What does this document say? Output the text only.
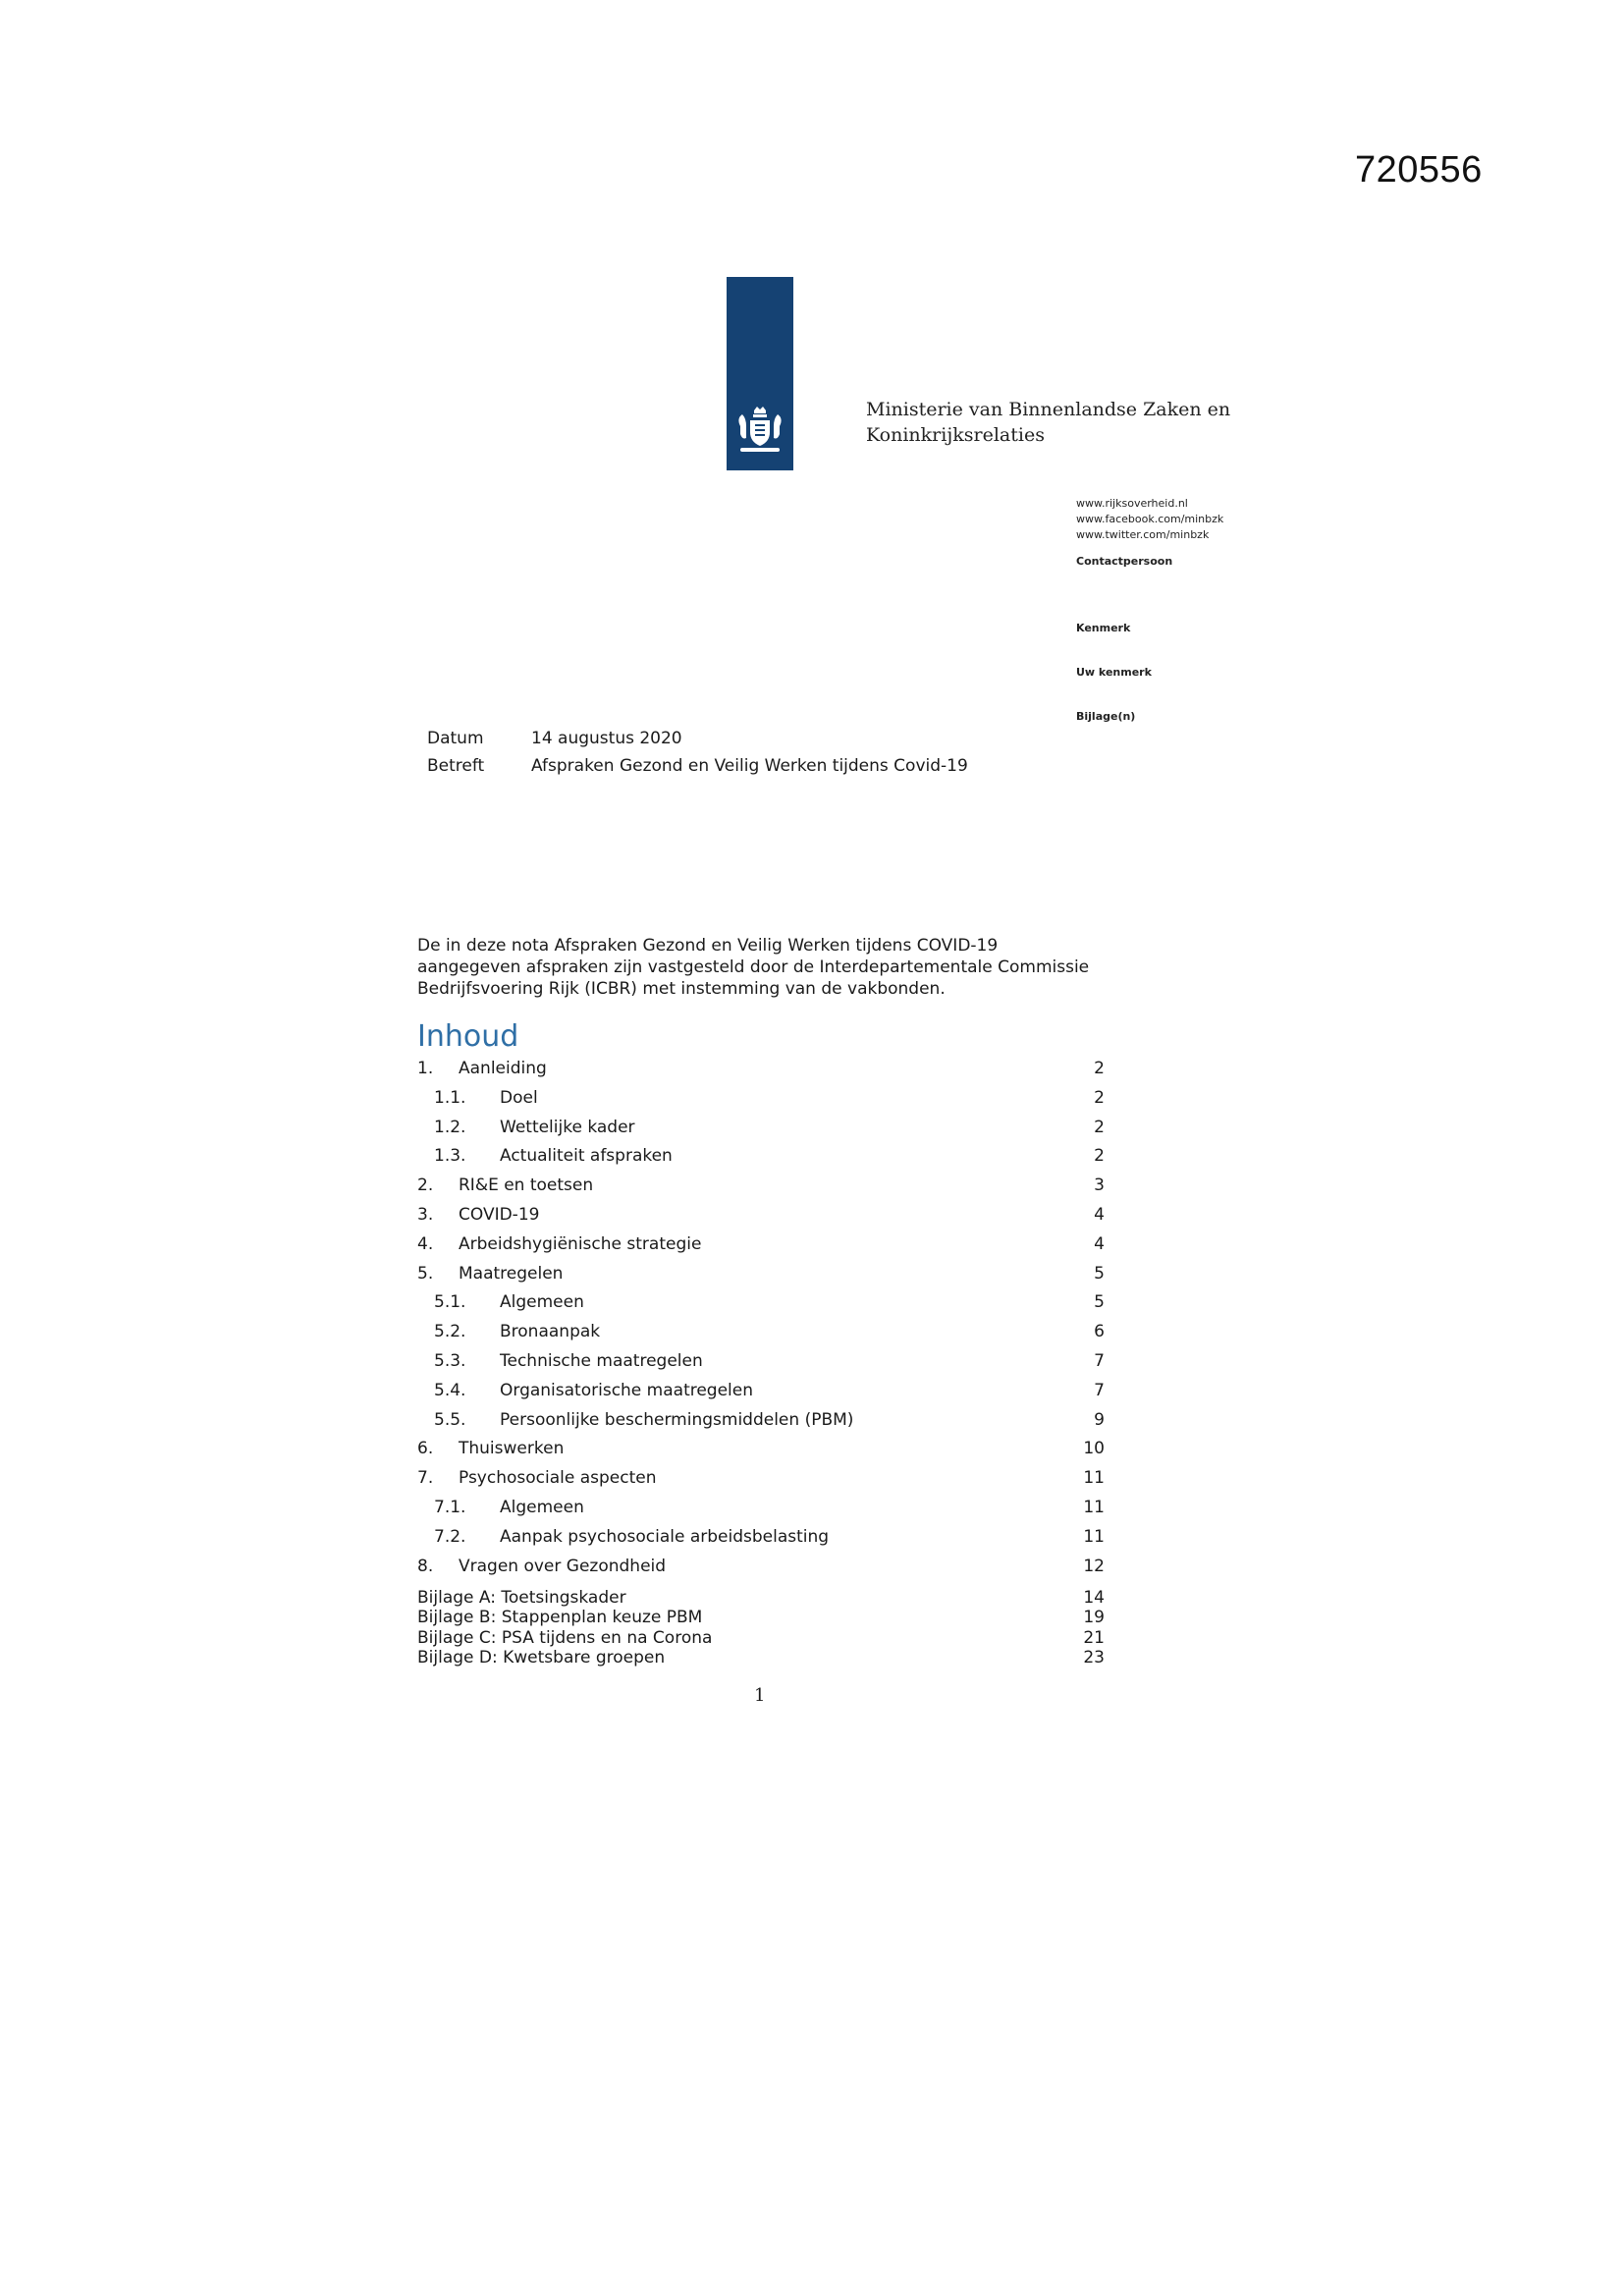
720556
Ministerie van Binnenlandse Zaken en
Koninkrijksrelaties
www.rijksoverheid.nl
www.facebook.com/minbzk
www.twitter.com/minbzk
Contactpersoon
Kenmerk
Uw kenmerk
Bijlage(n)
Datum	14 augustus 2020
Betreft	Afspraken Gezond en Veilig Werken tijdens Covid-19
De in deze nota Afspraken Gezond en Veilig Werken tijdens COVID-19
aangegeven afspraken zijn vastgesteld door de Interdepartementale Commissie
Bedrijfsvoering Rijk (ICBR) met instemming van de vakbonden.
Inhoud
1. Aanleiding	2
1.1. Doel	2
1.2. Wettelijke kader	2
1.3. Actualiteit afspraken	2
2. RI&E en toetsen	3
3. COVID-19	4
4. Arbeidshygiënische strategie	4
5. Maatregelen	5
5.1. Algemeen	5
5.2. Bronaanpak	6
5.3. Technische maatregelen	7
5.4. Organisatorische maatregelen	7
5.5. Persoonlijke beschermingsmiddelen (PBM)	9
6. Thuiswerken	10
7. Psychosociale aspecten	11
7.1. Algemeen	11
7.2. Aanpak psychosociale arbeidsbelasting	11
8. Vragen over Gezondheid	12
Bijlage A: Toetsingskader	14
Bijlage B: Stappenplan keuze PBM	19
Bijlage C: PSA tijdens en na Corona	21
Bijlage D: Kwetsbare groepen	23
1
